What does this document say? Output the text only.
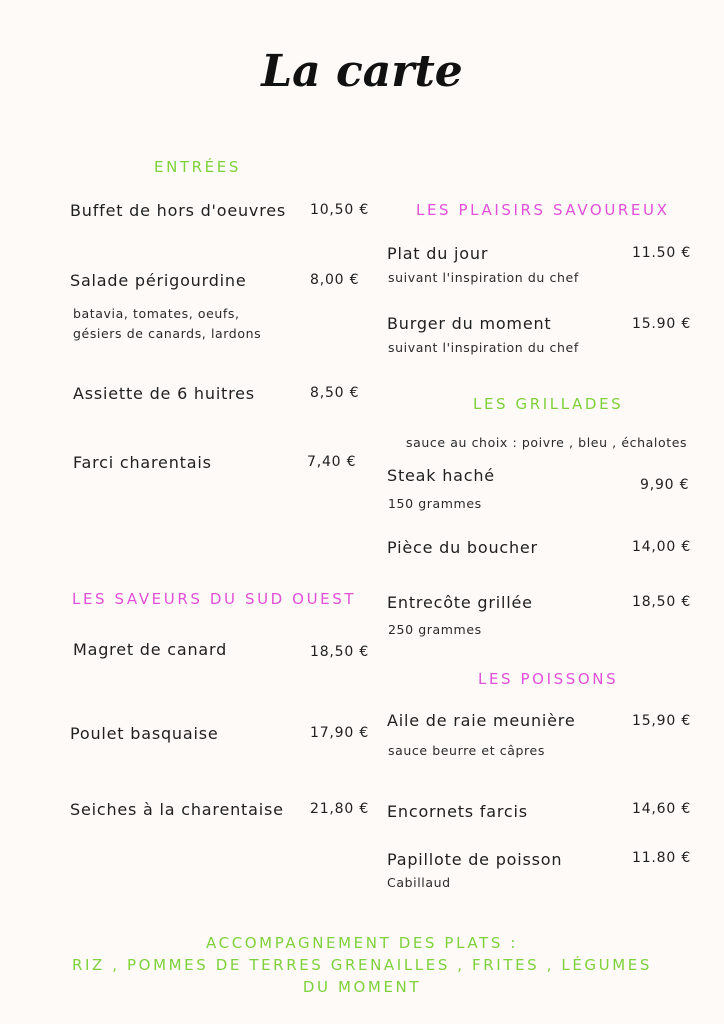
La carte
ENTRÉES
Buffet de hors d'oeuvres 10,50 €
Salade périgourdine	8,00 €
batavia, tomates, oeufs,
gésiers de canards, lardons
Assiette de 6 huitres	8,50 €
Farci charentais	7,40 €
LES SAVEURS DU SUD OUEST
Magret de canard	18,50 €
Poulet basquaise	17,90 €
Seiches à la charentaise 21,80 €
LES PLAISIRS SAVOUREUX
Plat du jour	11.50 €
suivant l'inspiration du chef
Burger du moment	15.90 €
suivant l'inspiration du chef
LES GRILLADES
sauce au choix : poivre , bleu , échalotes
Steak haché	9,90 €
150 grammes
Pièce du boucher	14,00 €
Entrecôte grillée	18,50 €
250 grammes
LES POISSONS
Aile de raie meunière	15,90 €
sauce beurre et câpres
Encornets farcis	14,60 €
Papillote de poisson	11.80 €
Cabillaud
ACCOMPAGNEMENT DES PLATS :
RIZ , POMMES DE TERRES GRENAILLES , FRITES , LÉGUMES
DU MOMENT
